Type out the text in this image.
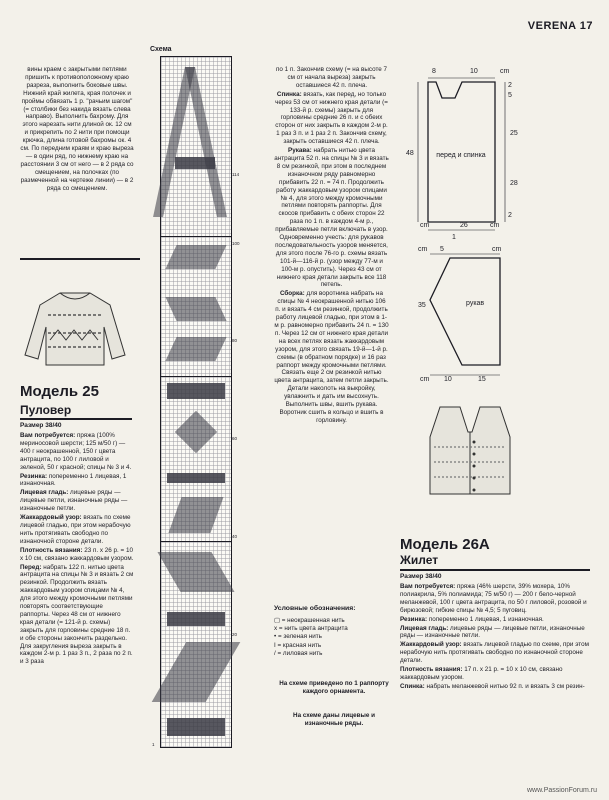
VERENA 17

вины краем с закрытыми петлями пришить к противоположному краю разреза, выполнить боковые швы. Нижний край жилета, края полочек и проймы обвязать 1 р. "рачьим шагом" (= столбики без накида вязать слева направо). Выполнить бахрому. Для этого нарезать нити длиной ок. 12 см и прикрепить по 2 нити при помощи крючка, длина готовой бахромы ок. 4 см. По передним краям и краю выреза — в один ряд, по нижнему краю на расстоянии 3 см от него — в 2 ряда со смещением, на полочках (по размеченной на чертеже линии) — в 2 ряда со смещением.

Модель 25
Пуловер
Размер 38/40

Вам потребуется: пряжа (100% мериносовой шерсти; 125 м/50 г) — 400 г неокрашенной, 150 г цвета антрацита, по 100 г лиловой и зеленой, 50 г красной; спицы № 3 и 4.

Резинка: попеременно 1 лицевая, 1 изнаночная.

Лицевая гладь: лицевые ряды — лицевые петли, изнаночные ряды — изнаночные петли.

Жаккардовый узор: вязать по схеме лицевой гладью, при этом нерабочую нить протягивать свободно по изнаночной стороне детали.

Плотность вязания: 23 п. x 26 р. = 10 x 10 см, связано жаккардовым узором.

Перед: набрать 122 п. нитью цвета антрацита на спицы № 3 и вязать 2 см резинкой. Продолжить вязать жаккардовым узором спицами № 4, для этого между кромочными петлями повторять соответствующие раппорты. Через 48 см от нижнего края детали (= 121-й р. схемы) закрыть для горловины средние 18 п. и обе стороны закончить раздельно. Для закругления выреза закрыть в каждом 2-м р. 1 раз 3 п., 2 раза по 2 п. и 3 раза

Схема
114
100
80
60
40
20
1

по 1 п. Закончив схему (= на высоте 7 см от начала выреза) закрыть оставшиеся 42 п. плеча.

Спинка: вязать, как перед, но только через 53 см от нижнего края детали (= 133-й р. схемы) закрыть для горловины средние 26 п. и с обеих сторон от них закрыть в каждом 2-м р. 1 раз 3 п. и 1 раз 2 п. Закончив схему, закрыть оставшиеся 42 п. плеча.

Рукава: набрать нитью цвета антрацита 52 п. на спицы № 3 и вязать 8 см резинкой, при этом в последнем изнаночном ряду равномерно прибавить 22 п. = 74 п. Продолжить работу жаккардовым узором спицами № 4, для этого между кромочными петлями повторять раппорты. Для скосов прибавить с обеих сторон 22 раза по 1 п. в каждом 4-м р., прибавляемые петли включать в узор. Одновременно учесть: для рукавов последовательность узоров меняется, для этого после 76-го р. схемы вязать 101-й—116-й р. (узор между 77-м и 100-м р. опустить). Через 43 см от нижнего края детали закрыть все 118 петель.

Сборка: для воротника набрать на спицы № 4 неокрашенной нитью 106 п. и вязать 4 см резинкой, продолжить работу лицевой гладью, при этом в 1-м р. равномерно прибавить 24 п. = 130 п. Через 12 см от нижнего края детали на всех петлях вязать жаккардовым узором, для этого связать 19-й—1-й р. схемы (в обратном порядке) и 16 раз раппорт между кромочными петлями. Связать еще 2 см резинкой нитью цвета антрацита, затем петли закрыть. Детали наколоть на выкройку, увлажнить и дать им высохнуть. Выполнить швы, вшить рукава. Воротник сшить в кольцо и вшить в горловину.

Условные обозначения:
▢ = неокрашенная нить
x = нить цвета антрацита
• = зеленая нить
I = красная нить
/ = лиловая нить
На схеме приведено по 1 раппорту каждого орнамента.
На схеме даны лицевые и изнаночные ряды.
8	10	cm
2
5
25
28
2
48	перед и спинка
cm	26	cm
cm 5	cm
1
35	рукав
cm 10	15
Модель 26А
Жилет
Размер 38/40

Вам потребуется: пряжа (46% шерсти, 39% мохера, 10% полиакрила, 5% полиамида; 75 м/50 г) — 200 г бело-черной меланжевой, 100 г цвета антрацита, по 50 г лиловой, розовой и бирюзовой; гибкие спицы № 4,5; 5 пуговиц.

Резинка: попеременно 1 лицевая, 1 изнаночная.

Лицевая гладь: лицевые ряды — лицевые петли, изнаночные ряды — изнаночные петли.

Жаккардовый узор: вязать лицевой гладью по схеме, при этом нерабочую нить протягивать свободно по изнаночной стороне детали.

Плотность вязания: 17 п. x 21 р. = 10 x 10 см, связано жаккардовым узором.

Спинка: набрать меланжевой нитью 92 п. и вязать 3 см резин-

www.PassionForum.ru
